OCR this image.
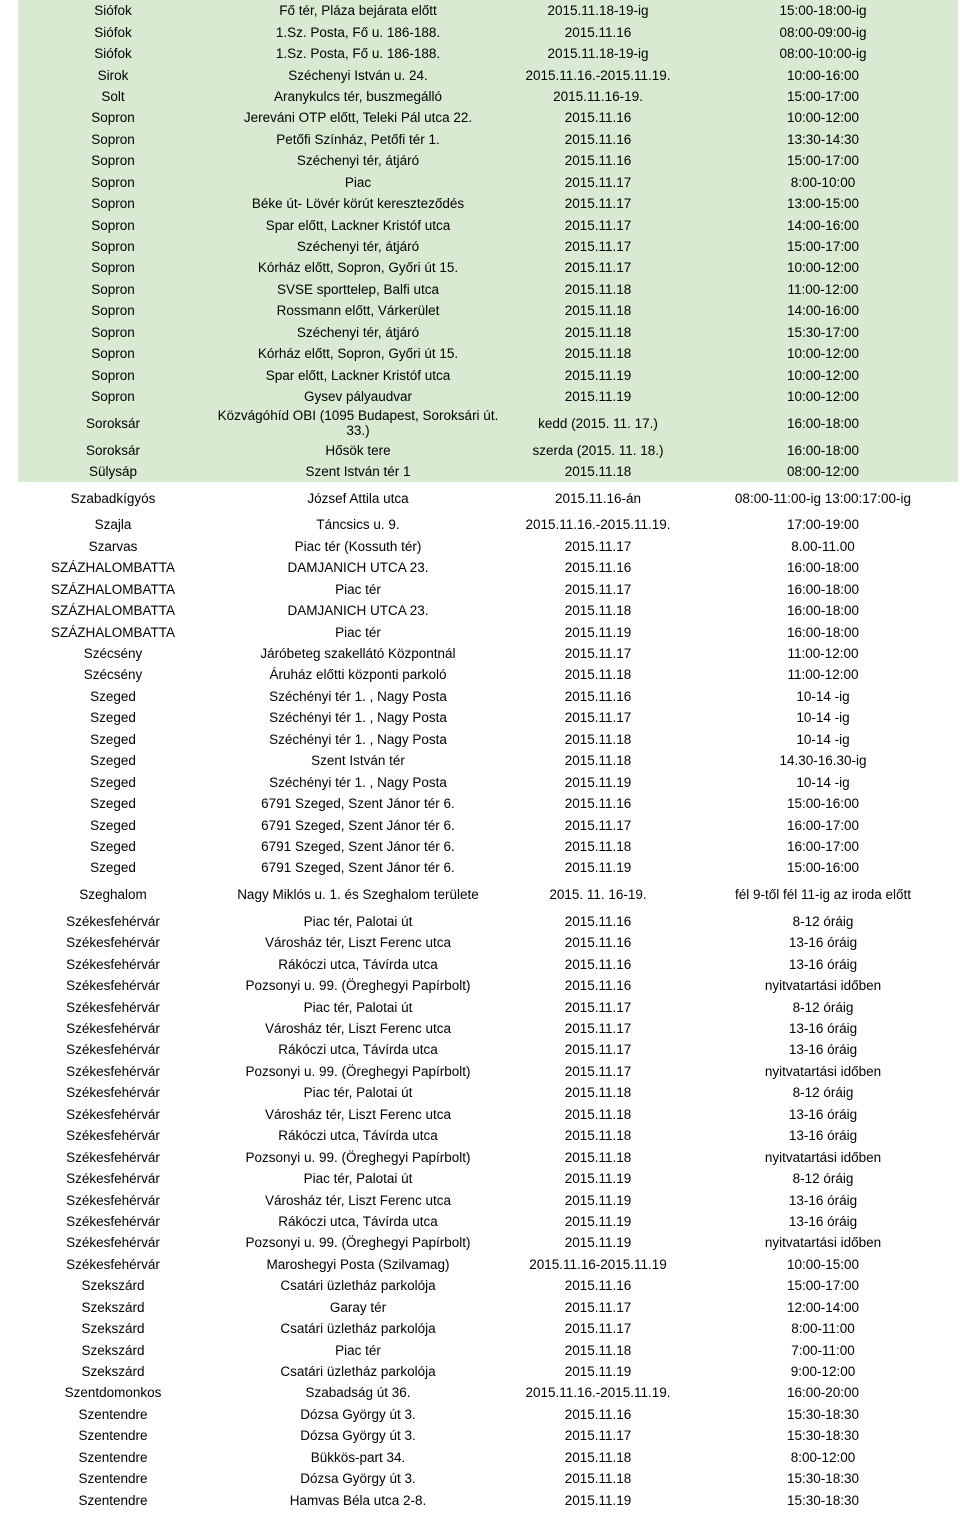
Siófok	Fő tér, Pláza bejárata előtt	2015.11.18-19-ig	15:00-18:00-ig
Siófok	1.Sz. Posta, Fő u. 186-188.	2015.11.16	08:00-09:00-ig
Siófok	1.Sz. Posta, Fő u. 186-188.	2015.11.18-19-ig	08:00-10:00-ig
Sirok	Széchenyi István u. 24.	2015.11.16.-2015.11.19.	10:00-16:00
Solt	Aranykulcs tér, buszmegálló	2015.11.16-19.	15:00-17:00
Sopron	Jereváni OTP előtt, Teleki Pál utca 22.	2015.11.16	10:00-12:00
Sopron	Petőfi Színház, Petőfi tér 1.	2015.11.16	13:30-14:30
Sopron	Széchenyi tér, átjáró	2015.11.16	15:00-17:00
Sopron	Piac	2015.11.17	8:00-10:00
Sopron	Béke út- Lövér körút kereszteződés	2015.11.17	13:00-15:00
Sopron	Spar előtt, Lackner Kristóf utca	2015.11.17	14:00-16:00
Sopron	Széchenyi tér, átjáró	2015.11.17	15:00-17:00
Sopron	Kórház előtt, Sopron, Győri út 15.	2015.11.17	10:00-12:00
Sopron	SVSE sporttelep, Balfi utca	2015.11.18	11:00-12:00
Sopron	Rossmann előtt, Várkerület	2015.11.18	14:00-16:00
Sopron	Széchenyi tér, átjáró	2015.11.18	15:30-17:00
Sopron	Kórház előtt, Sopron, Győri út 15.	2015.11.18	10:00-12:00
Sopron	Spar előtt, Lackner Kristóf utca	2015.11.19	10:00-12:00
Sopron	Gysev pályaudvar	2015.11.19	10:00-12:00
Soroksár	Közvágóhíd OBI (1095 Budapest, Soroksári út. 33.)	kedd (2015. 11. 17.)	16:00-18:00
Soroksár	Hősök tere	szerda (2015. 11. 18.)	16:00-18:00
Sülysáp	Szent István tér 1	2015.11.18	08:00-12:00
Szabadkígyós	József Attila utca	2015.11.16-án	08:00-11:00-ig 13:00:17:00-ig
Szajla	Táncsics u. 9.	2015.11.16.-2015.11.19.	17:00-19:00
Szarvas	Piac tér (Kossuth tér)	2015.11.17	8.00-11.00
SZÁZHALOMBATTA	DAMJANICH UTCA 23.	2015.11.16	16:00-18:00
SZÁZHALOMBATTA	Piac tér	2015.11.17	16:00-18:00
SZÁZHALOMBATTA	DAMJANICH UTCA 23.	2015.11.18	16:00-18:00
SZÁZHALOMBATTA	Piac tér	2015.11.19	16:00-18:00
Szécsény	Járóbeteg szakellátó Központnál	2015.11.17	11:00-12:00
Szécsény	Áruház előtti központi parkoló	2015.11.18	11:00-12:00
Szeged	Széchényi tér 1. , Nagy Posta	2015.11.16	10-14 -ig
Szeged	Széchényi tér 1. , Nagy Posta	2015.11.17	10-14 -ig
Szeged	Széchényi tér 1. , Nagy Posta	2015.11.18	10-14 -ig
Szeged	Szent István tér	2015.11.18	14.30-16.30-ig
Szeged	Széchényi tér 1. , Nagy Posta	2015.11.19	10-14 -ig
Szeged	6791 Szeged, Szent Jánor tér 6.	2015.11.16	15:00-16:00
Szeged	6791 Szeged, Szent Jánor tér 6.	2015.11.17	16:00-17:00
Szeged	6791 Szeged, Szent Jánor tér 6.	2015.11.18	16:00-17:00
Szeged	6791 Szeged, Szent Jánor tér 6.	2015.11.19	15:00-16:00
Szeghalom	Nagy Miklós u. 1. és Szeghalom területe	2015. 11. 16-19.	fél 9-től fél 11-ig az iroda előtt
Székesfehérvár	Piac tér, Palotai út	2015.11.16	8-12 óráig
Székesfehérvár	Városház tér, Liszt Ferenc utca	2015.11.16	13-16 óráig
Székesfehérvár	Rákóczi utca, Távírda utca	2015.11.16	13-16 óráig
Székesfehérvár	Pozsonyi u. 99. (Öreghegyi Papírbolt)	2015.11.16	nyitvatartási időben
Székesfehérvár	Piac tér, Palotai út	2015.11.17	8-12 óráig
Székesfehérvár	Városház tér, Liszt Ferenc utca	2015.11.17	13-16 óráig
Székesfehérvár	Rákóczi utca, Távírda utca	2015.11.17	13-16 óráig
Székesfehérvár	Pozsonyi u. 99. (Öreghegyi Papírbolt)	2015.11.17	nyitvatartási időben
Székesfehérvár	Piac tér, Palotai út	2015.11.18	8-12 óráig
Székesfehérvár	Városház tér, Liszt Ferenc utca	2015.11.18	13-16 óráig
Székesfehérvár	Rákóczi utca, Távírda utca	2015.11.18	13-16 óráig
Székesfehérvár	Pozsonyi u. 99. (Öreghegyi Papírbolt)	2015.11.18	nyitvatartási időben
Székesfehérvár	Piac tér, Palotai út	2015.11.19	8-12 óráig
Székesfehérvár	Városház tér, Liszt Ferenc utca	2015.11.19	13-16 óráig
Székesfehérvár	Rákóczi utca, Távírda utca	2015.11.19	13-16 óráig
Székesfehérvár	Pozsonyi u. 99. (Öreghegyi Papírbolt)	2015.11.19	nyitvatartási időben
Székesfehérvár	Maroshegyi Posta (Szilvamag)	2015.11.16-2015.11.19	10:00-15:00
Szekszárd	Csatári üzletház parkolója	2015.11.16	15:00-17:00
Szekszárd	Garay tér	2015.11.17	12:00-14:00
Szekszárd	Csatári üzletház parkolója	2015.11.17	8:00-11:00
Szekszárd	Piac tér	2015.11.18	7:00-11:00
Szekszárd	Csatári üzletház parkolója	2015.11.19	9:00-12:00
Szentdomonkos	Szabadság út 36.	2015.11.16.-2015.11.19.	16:00-20:00
Szentendre	Dózsa György út 3.	2015.11.16	15:30-18:30
Szentendre	Dózsa György út 3.	2015.11.17	15:30-18:30
Szentendre	Bükkös-part 34.	2015.11.18	8:00-12:00
Szentendre	Dózsa György út 3.	2015.11.18	15:30-18:30
Szentendre	Hamvas Béla utca 2-8.	2015.11.19	15:30-18:30
